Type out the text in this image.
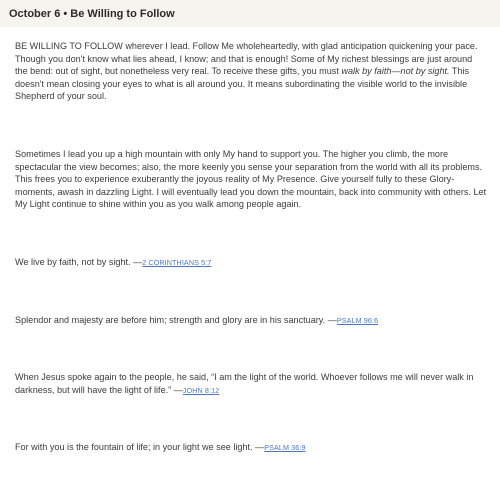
October 6 • Be Willing to Follow

BE WILLING TO FOLLOW wherever I lead. Follow Me wholeheartedly, with glad anticipation quickening your pace. Though you don't know what lies ahead, I know; and that is enough! Some of My richest blessings are just around the bend: out of sight, but nonetheless very real. To receive these gifts, you must walk by faith—not by sight. This doesn't mean closing your eyes to what is all around you. It means subordinating the visible world to the invisible Shepherd of your soul.

Sometimes I lead you up a high mountain with only My hand to support you. The higher you climb, the more spectacular the view becomes; also, the more keenly you sense your separation from the world with all its problems. This frees you to experience exuberantly the joyous reality of My Presence. Give yourself fully to these Glory-moments, awash in dazzling Light. I will eventually lead you down the mountain, back into community with others. Let My Light continue to shine within you as you walk among people again.

We live by faith, not by sight. —2 CORINTHIANS 5:7

Splendor and majesty are before him; strength and glory are in his sanctuary. —PSALM 96:6

When Jesus spoke again to the people, he said, “I am the light of the world. Whoever follows me will never walk in darkness, but will have the light of life.” —JOHN 8:12

For with you is the fountain of life; in your light we see light. —PSALM 36:9
